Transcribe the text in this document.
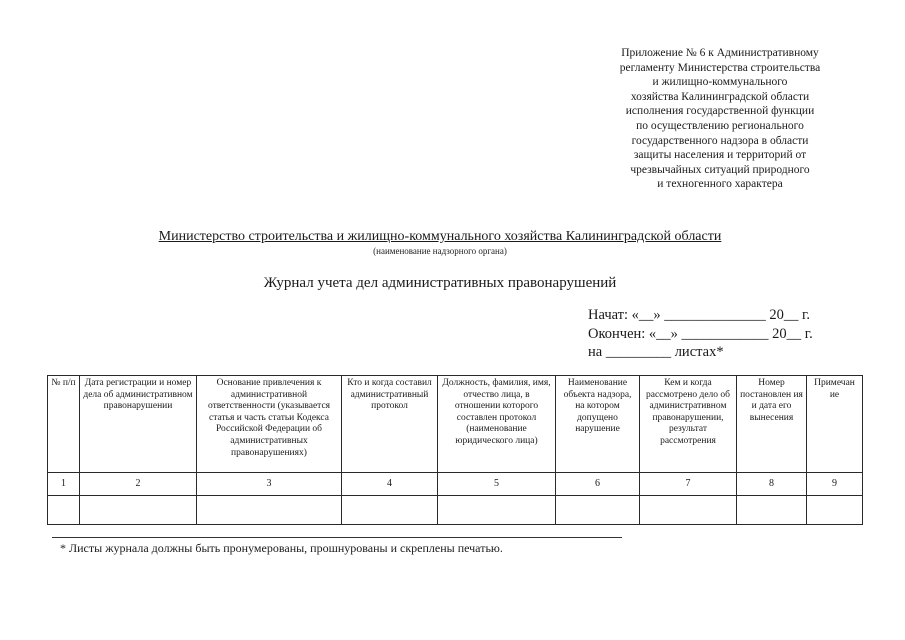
Приложение № 6 к Административному
регламенту Министерства строительства
и жилищно-коммунального
хозяйства Калининградской области
исполнения государственной функции
по осуществлению регионального
государственного надзора в области
защиты населения и территорий от
чрезвычайных ситуаций природного
и техногенного характера
Министерство строительства и жилищно-коммунального хозяйства Калининградской области
(наименование надзорного органа)
Журнал учета дел административных правонарушений
Начат: «__» ______________ 20__ г.
Окончен: «__» ____________ 20__ г.
на _________ листах*
№ п/п	Дата регистрации и номер дела об административном правонарушении	Основание привлечения к административной ответственности (указывается статья и часть статьи Кодекса Российской Федерации об административных правонарушениях)	Кто и когда составил административный протокол	Должность, фамилия, имя, отчество лица, в отношении которого составлен протокол (наименование юридического лица)	Наименование объекта надзора, на котором допущено нарушение	Кем и когда рассмотрено дело об административном правонарушении, результат рассмотрения	Номер постановлен ия и дата его вынесения	Примечан ие
1	2	3	4	5	6	7	8	9

* Листы журнала должны быть пронумерованы, прошнурованы и скреплены печатью.
